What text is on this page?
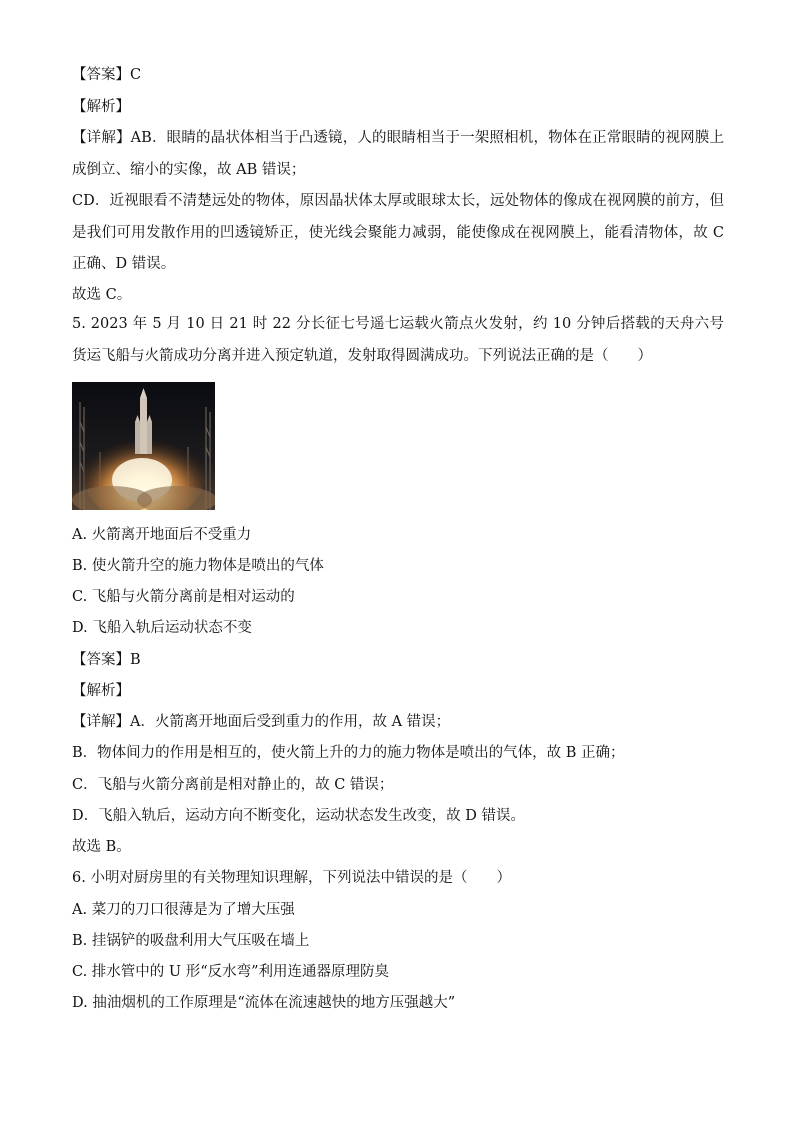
【答案】C
【解析】
【详解】AB．眼睛的晶状体相当于凸透镜，人的眼睛相当于一架照相机，物体在正常眼睛的视网膜上成倒立、缩小的实像，故 AB 错误；
CD．近视眼看不清楚远处的物体，原因晶状体太厚或眼球太长，远处物体的像成在视网膜的前方，但是我们可用发散作用的凹透镜矫正，使光线会聚能力减弱，能使像成在视网膜上，能看清物体，故 C 正确、D 错误。
故选 C。
5. 2023 年 5 月 10 日 21 时 22 分长征七号遥七运载火箭点火发射，约 10 分钟后搭载的天舟六号货运飞船与火箭成功分离并进入预定轨道，发射取得圆满成功。下列说法正确的是（　　）
A. 火箭离开地面后不受重力
B. 使火箭升空的施力物体是喷出的气体
C. 飞船与火箭分离前是相对运动的
D. 飞船入轨后运动状态不变
【答案】B
【解析】
【详解】A．火箭离开地面后受到重力的作用，故 A 错误；
B．物体间力的作用是相互的，使火箭上升的力的施力物体是喷出的气体，故 B 正确；
C．飞船与火箭分离前是相对静止的，故 C 错误；
D．飞船入轨后，运动方向不断变化，运动状态发生改变，故 D 错误。
故选 B。
6. 小明对厨房里的有关物理知识理解，下列说法中错误的是（　　）
A. 菜刀的刀口很薄是为了增大压强
B. 挂锅铲的吸盘利用大气压吸在墙上
C. 排水管中的 U 形“反水弯”利用连通器原理防臭
D. 抽油烟机的工作原理是“流体在流速越快的地方压强越大”
